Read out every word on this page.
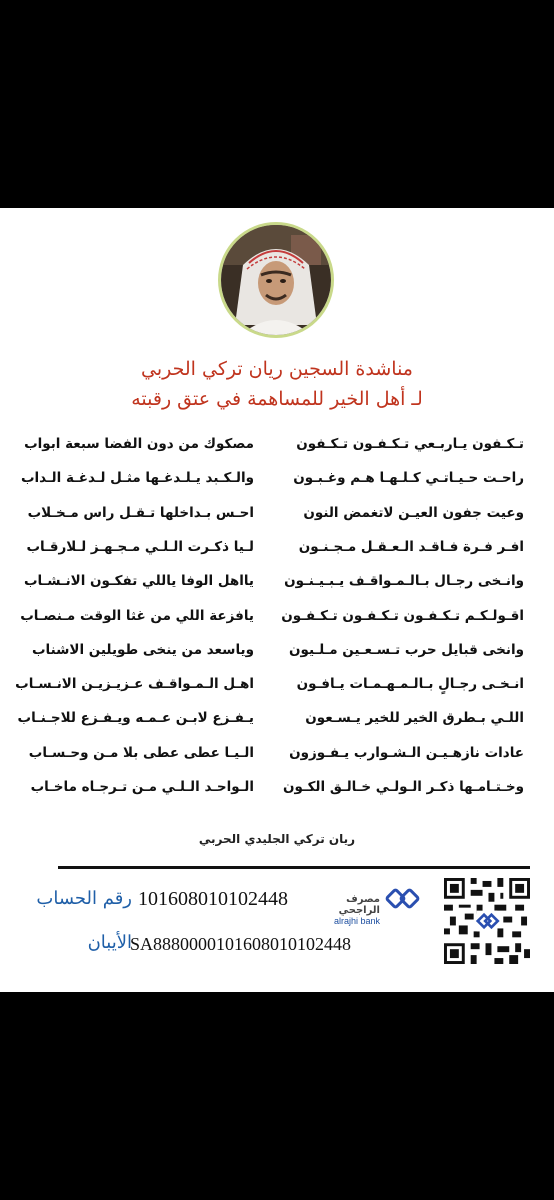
مناشدة السجين ريان تركي الحربي
لـ أهل الخير للمساهمة في عتق رقبته
تـكـفون يـاربـعي تـكـفـون تـكـفون
مصكوك من دون الفضا سبعة ابواب
راحـت حـيـاتـي كـلـهـا هـم وغـبـون
والـكـبد يـلـدغـها مثـل لـدغـة الـداب
وعيت جفون العيـن لاتغمض النون
احـس بـداخلها تـقـل راس مـخـلاب
افـر فـرة فـاقـد الـعـقـل مـجـنـون
لـيا ذكـرت الـلـي مـجـهـز لـلارقـاب
وانـخى رجـال بـالـمـواقـف يـبـيـنـون
يااهل الوفا ياللي تفكـون الانـشـاب
اقـولـكـم تـكـفـون تـكـفـون تـكـفـون
يافزعة اللي من غثا الوقت مـنصـاب
وانخى قبايل حرب تـسـعـين مـلـيون
وياسعد من ينخى طويلين الاشناب
انـخـى رجـالٍ بـالـمـهـمـات يـافـون
اهـل الـمـواقـف عـزيـزيـن الانـسـاب
اللـي بـطرق الخير للخير يـسـعون
يـفـزع لابـن عـمـه ويـفـزع للاجـنـاب
عادات نازهـيـن الـشـوارب يـفـوزون
الـيـا عطى عطى بلا مـن وحـسـاب
وخـتـامـها ذكـر الـولـي خـالـق الكـون
الـواحـد الـلـي مـن تـرجـاه ماخـاب
ريان تركي الجليدي الحربي
مصرف الراجحي
alrajhi bank
رقم الحساب 101608010102448
الأيبان
SA8880000101608010102448
